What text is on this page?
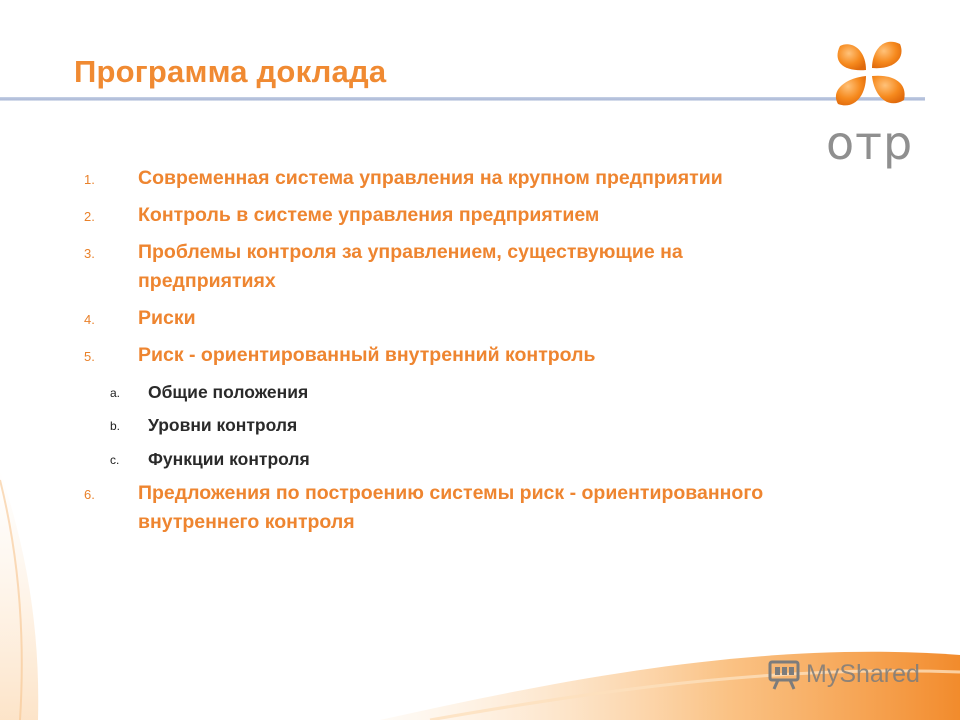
Программа доклада
отр
1. Современная система управления на крупном предприятии
2. Контроль в системе управления предприятием
3. Проблемы контроля за управлением, существующие на
предприятиях
4. Риски
5. Риск - ориентированный внутренний контроль
a. Общие положения
b. Уровни контроля
c. Функции контроля
6. Предложения по построению системы риск - ориентированного
внутреннего контроля
MyShared
